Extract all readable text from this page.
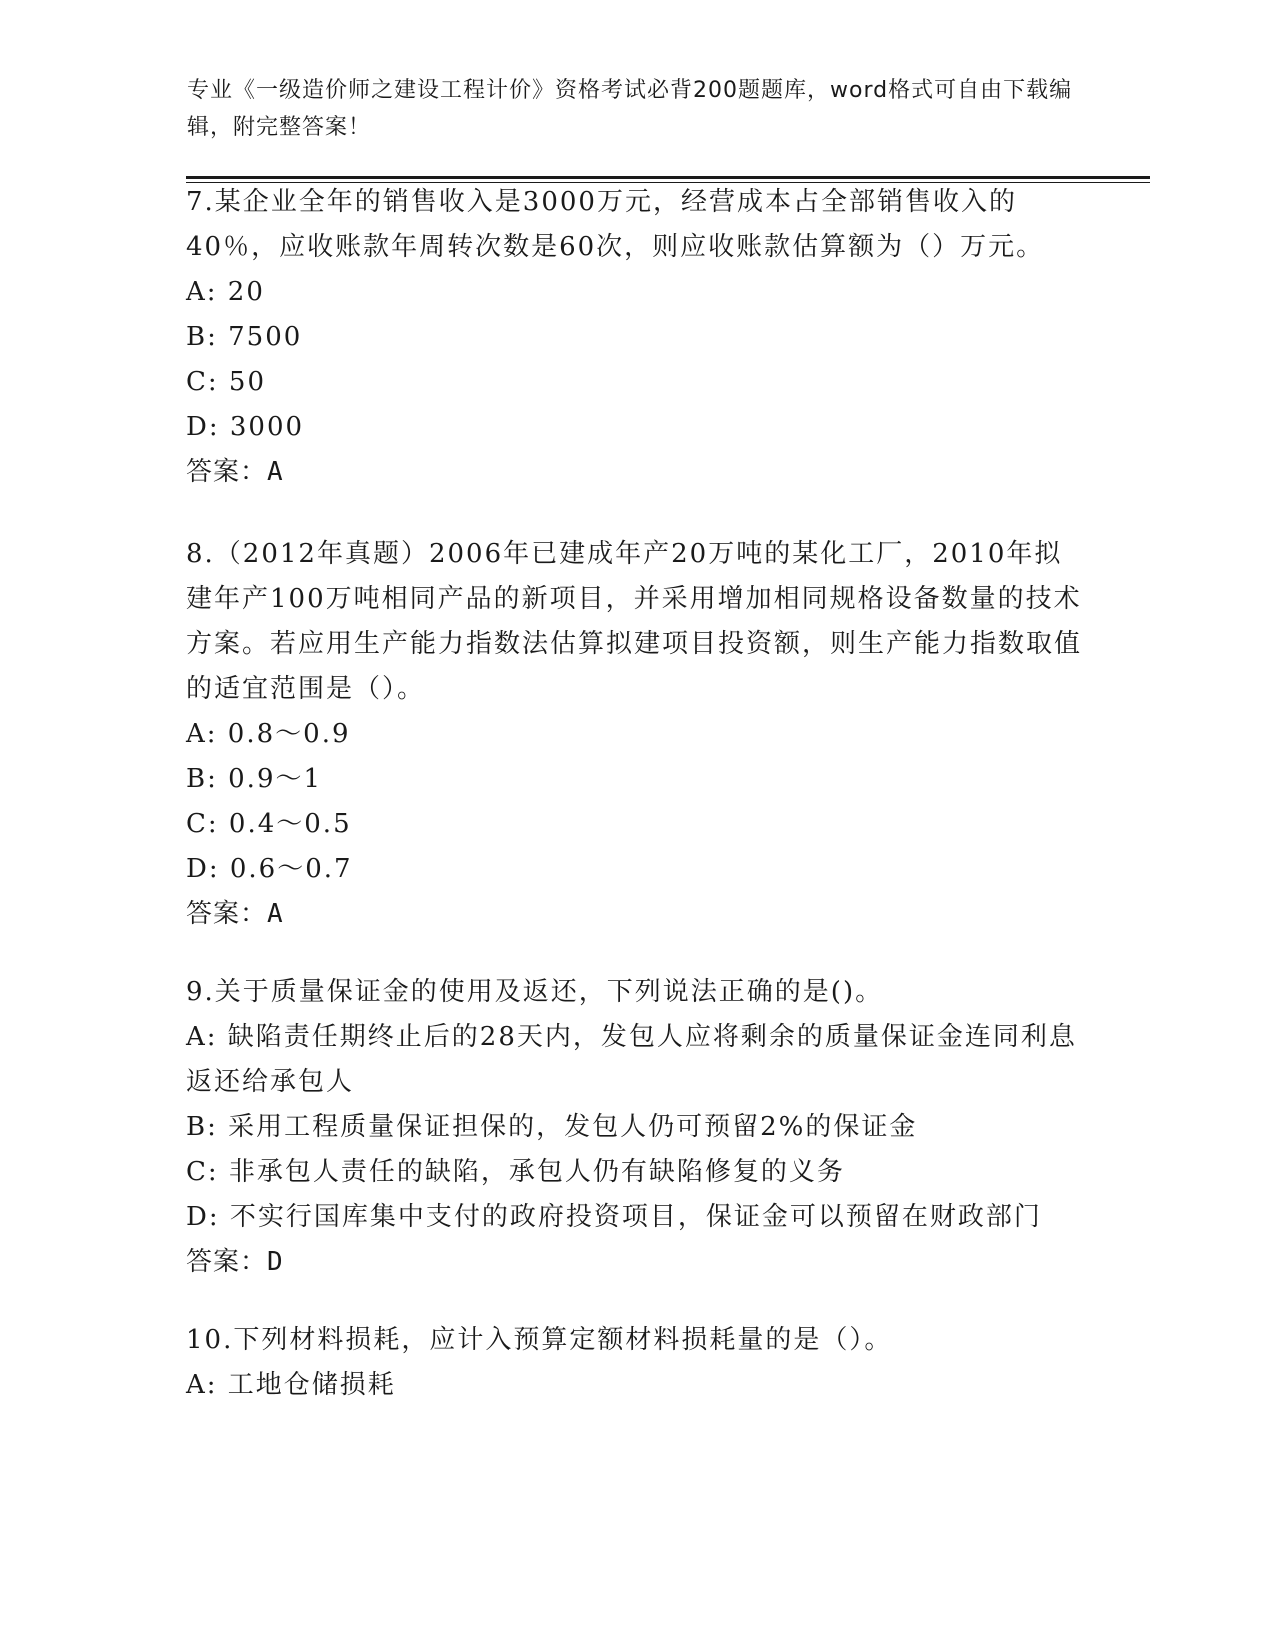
专业《一级造价师之建设工程计价》资格考试必背200题题库，word格式可自由下载编辑，附完整答案！

7.某企业全年的销售收入是3000万元，经营成本占全部销售收入的40％，应收账款年周转次数是60次，则应收账款估算额为（）万元。

A: 20

B: 7500

C: 50

D: 3000

答案：A

8.（2012年真题）2006年已建成年产20万吨的某化工厂，2010年拟建年产100万吨相同产品的新项目，并采用增加相同规格设备数量的技术方案。若应用生产能力指数法估算拟建项目投资额，则生产能力指数取值的适宜范围是（）。

A: 0.8～0.9

B: 0.9～1

C: 0.4～0.5

D: 0.6～0.7

答案：A

9.关于质量保证金的使用及返还，下列说法正确的是()。

A: 缺陷责任期终止后的28天内，发包人应将剩余的质量保证金连同利息返还给承包人

B: 采用工程质量保证担保的，发包人仍可预留2%的保证金

C: 非承包人责任的缺陷，承包人仍有缺陷修复的义务

D: 不实行国库集中支付的政府投资项目，保证金可以预留在财政部门

答案：D

10.下列材料损耗，应计入预算定额材料损耗量的是（）。

A: 工地仓储损耗
